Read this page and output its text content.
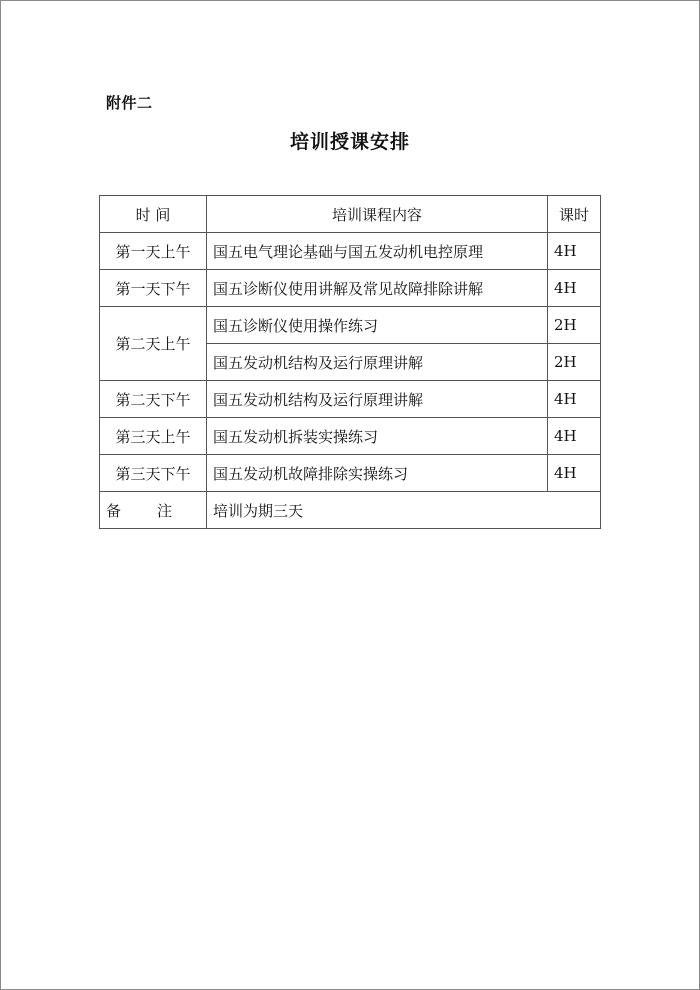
附件二
培训授课安排
时 间	培训课程内容	课时
第一天上午	国五电气理论基础与国五发动机电控原理	4H
第一天下午	国五诊断仪使用讲解及常见故障排除讲解	4H
第二天上午	国五诊断仪使用操作练习	2H
	国五发动机结构及运行原理讲解	2H
第二天下午	国五发动机结构及运行原理讲解	4H
第三天上午	国五发动机拆装实操练习	4H
第三天下午	国五发动机故障排除实操练习	4H
备 注	培训为期三天	
